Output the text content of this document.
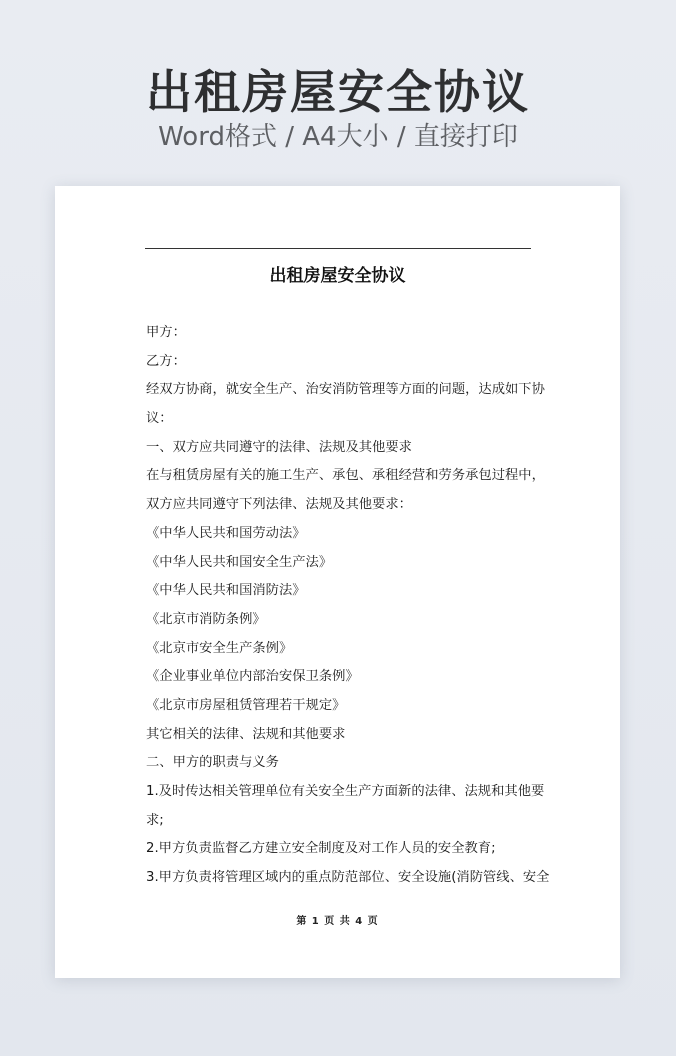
出租房屋安全协议
Word格式 / A4大小 / 直接打印
出租房屋安全协议
甲方：
乙方：
经双方协商，就安全生产、治安消防管理等方面的问题，达成如下协
议：
一、双方应共同遵守的法律、法规及其他要求
在与租赁房屋有关的施工生产、承包、承租经营和劳务承包过程中，
双方应共同遵守下列法律、法规及其他要求：
《中华人民共和国劳动法》
《中华人民共和国安全生产法》
《中华人民共和国消防法》
《北京市消防条例》
《北京市安全生产条例》
《企业事业单位内部治安保卫条例》
《北京市房屋租赁管理若干规定》
其它相关的法律、法规和其他要求
二、甲方的职责与义务
1.及时传达相关管理单位有关安全生产方面新的法律、法规和其他要
求;
2.甲方负责监督乙方建立安全制度及对工作人员的安全教育;
3.甲方负责将管理区域内的重点防范部位、安全设施(消防管线、安全
第 1 页 共 4 页
